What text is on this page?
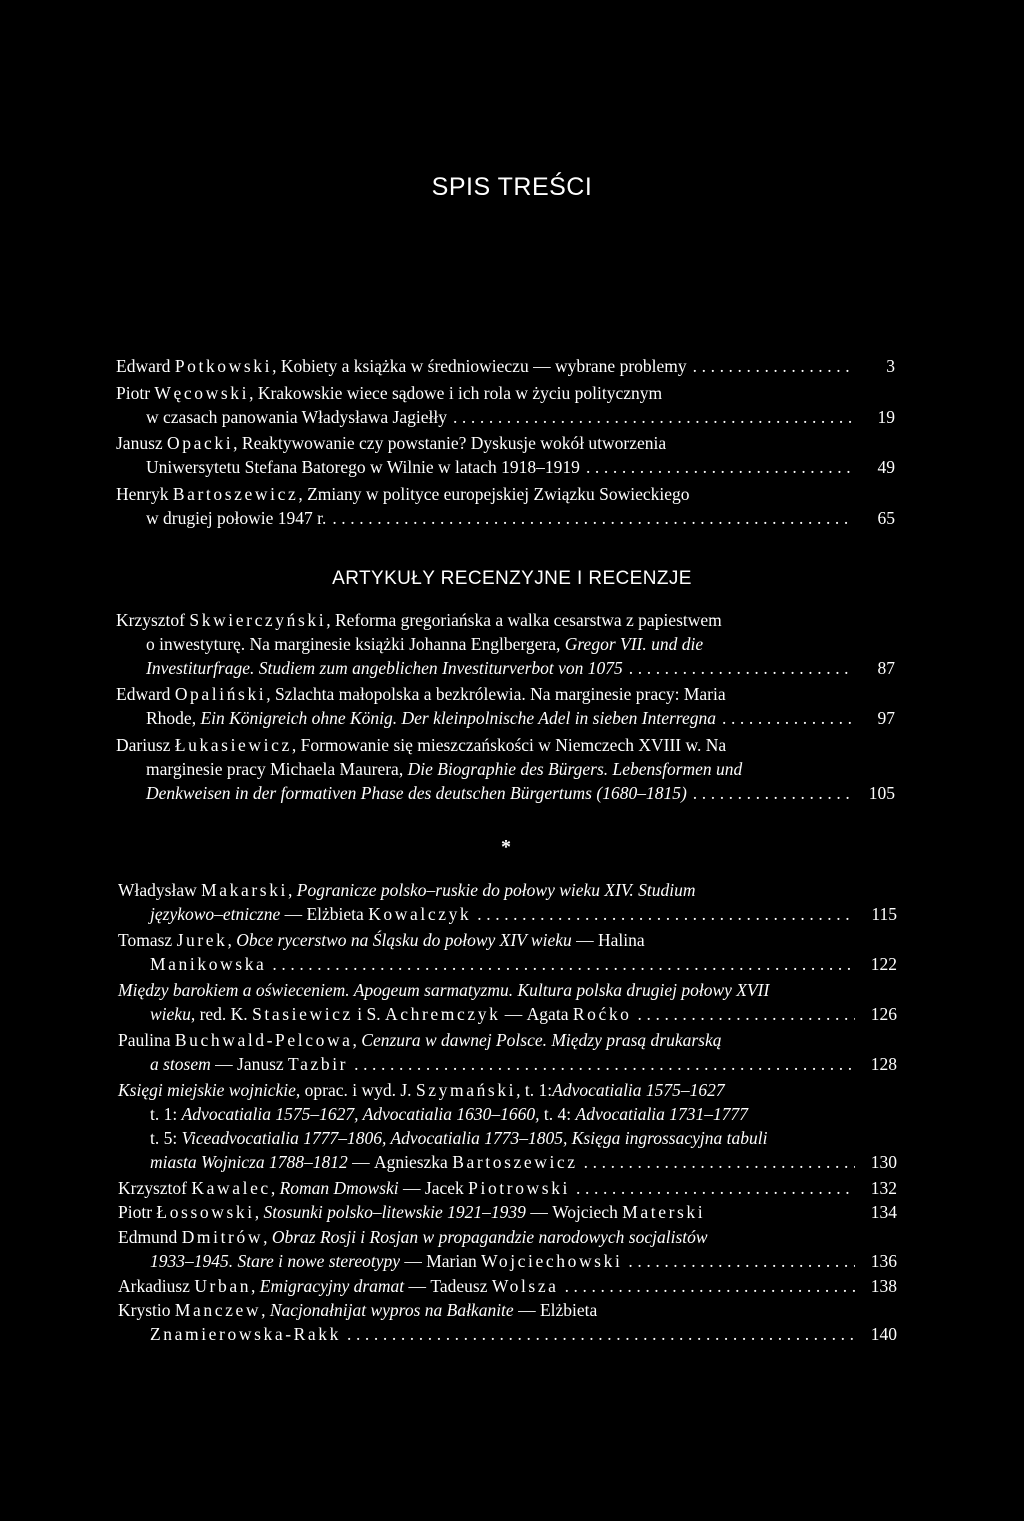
SPIS TREŚCI
Edward
Potkowski , Kobiety a książka w średniowieczu — wybrane problemy .....	3
Piotr
Węcowski , Krakowskie wiece sądowe i ich rola w życiu politycznym
w czasach panowania Władysława Jagiełły .....	19
Janusz
Opacki , Reaktywowanie czy powstanie? Dyskusje wokół utworzenia
Uniwersytetu Stefana Batorego w Wilnie w latach 1918–1919 .....	49
Henryk
Bartoszewicz , Zmiany w polityce europejskiej Związku Sowieckiego
w drugiej połowie 1947 r. .....	65
ARTYKUŁY RECENZYJNE I RECENZJE
Krzysztof
Skwierczyński , Reforma gregoriańska a walka cesarstwa z papiestwem
o inwestyturę. Na marginesie książki Johanna Englbergera,
Gregor VII. und die
Investiturfrage. Studiem zum angeblichen Investiturverbot von 1075 .....	87
Edward
Opaliński , Szlachta małopolska a bezkrólewia. Na marginesie pracy: Maria
Rhode,
Ein Königreich ohne König. Der kleinpolnische Adel in sieben Interregna .....	97
Dariusz
Łukasiewicz , Formowanie się mieszczańskości w Niemczech XVIII w. Na
marginesie pracy Michaela Maurera,
Die Biographie des Bürgers. Lebensformen und
Denkweisen in der formativen Phase des deutschen Bürgertums (1680–1815) .....	105
*
Władysław
Makarski , Pogranicze polsko–ruskie do połowy wieku XIV. Studium
językowo–etniczne — Elżbieta
Kowalczyk .....	115
Tomasz
Jurek , Obce rycerstwo na Śląsku do połowy XIV wieku — Halina
Manikowska .....	122
Między barokiem a oświeceniem. Apogeum sarmatyzmu. Kultura polska drugiej połowy XVII
wieku , red. K.
Stasiewicz
i S.
Achremczyk — Agata
Roćko .....	126
Paulina
Buchwald-Pelcowa , Cenzura w dawnej Polsce. Między prasą drukarską
a stosem — Janusz
Tazbir .....	128
Księgi miejskie wojnickie , oprac. i wyd. J.
Szymański , t. 1: Advocatialia 1575–1627
t. 1:
Advocatialia 1575–1627, Advocatialia 1630–1660,
t. 4:
Advocatialia 1731–1777
t. 5:
Viceadvocatialia 1777–1806, Advocatialia 1773–1805, Księga ingrossacyjna tabuli
miasta Wojnicza 1788–1812 — Agnieszka
Bartoszewicz .....	130
Krzysztof
Kawalec , Roman Dmowski — Jacek
Piotrowski .....	132
Piotr
Łossowski , Stosunki polsko–litewskie 1921–1939 — Wojciech
Materski	134
Edmund
Dmitrów , Obraz Rosji i Rosjan w propagandzie narodowych socjalistów
1933–1945. Stare i nowe stereotypy — Marian
Wojciechowski .....	136
Arkadiusz
Urban , Emigracyjny dramat — Tadeusz
Wolsza .....	138
Krystio
Manczew , Nacjonałnijat wypros na Bałkanite — Elżbieta
Znamierowska-Rakk .....	140
